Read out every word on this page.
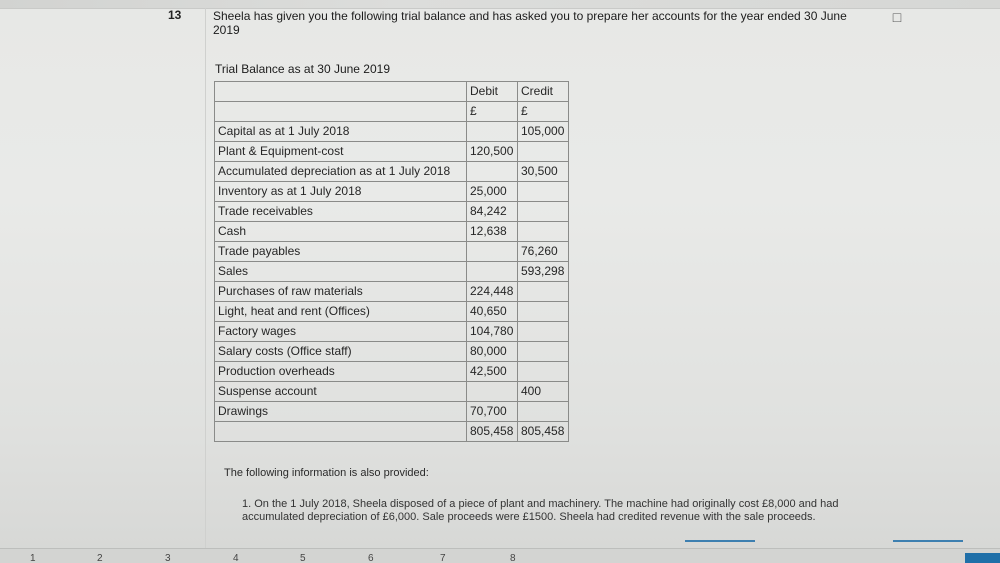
13	Sheela has given you the following trial balance and has asked you to prepare her accounts for the year ended 30 June 2019
□
Trial Balance as at 30 June 2019
	Debit	Credit
	£	£
Capital as at 1 July 2018		105,000
Plant & Equipment-cost	120,500	
Accumulated depreciation as at 1 July 2018		30,500
Inventory as at 1 July 2018	25,000	
Trade receivables	84,242	
Cash	12,638	
Trade payables		76,260
Sales		593,298
Purchases of raw materials	224,448	
Light, heat and rent (Offices)	40,650	
Factory wages	104,780	
Salary costs (Office staff)	80,000	
Production overheads	42,500	
Suspense account		400
Drawings	70,700	
	805,458	805,458
The following information is also provided:
1. On the 1 July 2018, Sheela disposed of a piece of plant and machinery. The machine had originally cost £8,000 and had accumulated depreciation of £6,000. Sale proceeds were £1500. Sheela had credited revenue with the sale proceeds.
1	2	3	4	5	6	7	8
